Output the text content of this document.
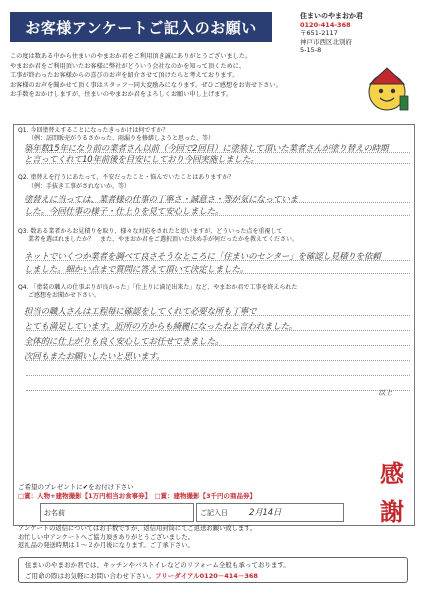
お客様アンケートご記入のお願い
住まいのやまおか君
0120-414-368
〒651-2117
神戸市西区北別府
5-15-8
この度は数ある中から住まいのやまおか君をご利用頂き誠にありがとうございました。
やまおか君をご利用頂いたお客様に弊社がどういう会社なのかを知って頂くために、
工事が終わったお客様からの喜びのお声を紹介させて頂けたらと考えております。
お客様のお声を聞かせて頂く事はスタッフ一同大変励みになります。ぜひご感想をお寄せ下さい。
お手数をおかけしますが、住まいのやまおか君をよろしくお願い申し上げます。
Q1. 今回塗替えすることになったきっかけは何ですか？
（例：訪問販売がうるさかった、雨漏りを修繕しようと思った、等）
築年数15年になり前の業者さん以前（今回で2回目）に塗装して頂いた業者さんが塗り替えの時期
と言ってくれて10年前後を目安にしており今回実施しました。
Q2. 塗替えを行うにあたって、不安だったこと・悩んでいたことはありますか？
（例：手抜き工事がされないか、等）
塗替えに当っては、業者様の仕事の丁寧さ・誠意さ・等が気になっていま
した。今回仕事の様子・仕上りを見て安心しました。
Q3. 数ある業者からお見積りを取り、様々な対応をされたと思いますが、どういった点を重視して
業者を選ばれましたか？　また、やまおか君をご選択頂いた決め手が何だったかを教えてください。
ネットでいくつか業者を調べて良さそうなところに「住まいのセンター」を確認し見積りを依頼
しました。細かい点まで質問に答えて頂いて決定しました。
Q4. 「塗装の職人の仕事ぶりが良かった」「仕上りに満足出来た」など、やまおか君で工事を終えられた
ご感想をお聞かせ下さい。
担当の職人さんは工程毎に確認をしてくれて必要な所も丁寧で
とても満足しています。近所の方からも綺麗になったねと言われました。
全体的に仕上がりも良く安心してお任せできました。
次回もまたお願いしたいと思います。
以上
ご希望のプレゼントに✔をお付け下さい
□賞：人物+建物撮影【1万円相当お食事券】　 □賞：建物撮影【3千円の商品券】
お名前	ご記入日 2月14日
感
謝
アンケートの返信についてはお手数ですが、返信用封筒にてご返送お願い致します。
お忙しい中アンケートへご協力頂きありがとうございました。
返礼品の発送時期は１～２か月後になります。ご了承下さい。
住まいのやまおか君では、キッチンやバストイレなどのリフォーム全般も承っております。
ご用命の際はお気軽にお問い合わせ下さい。フリーダイアル0120－414－368
